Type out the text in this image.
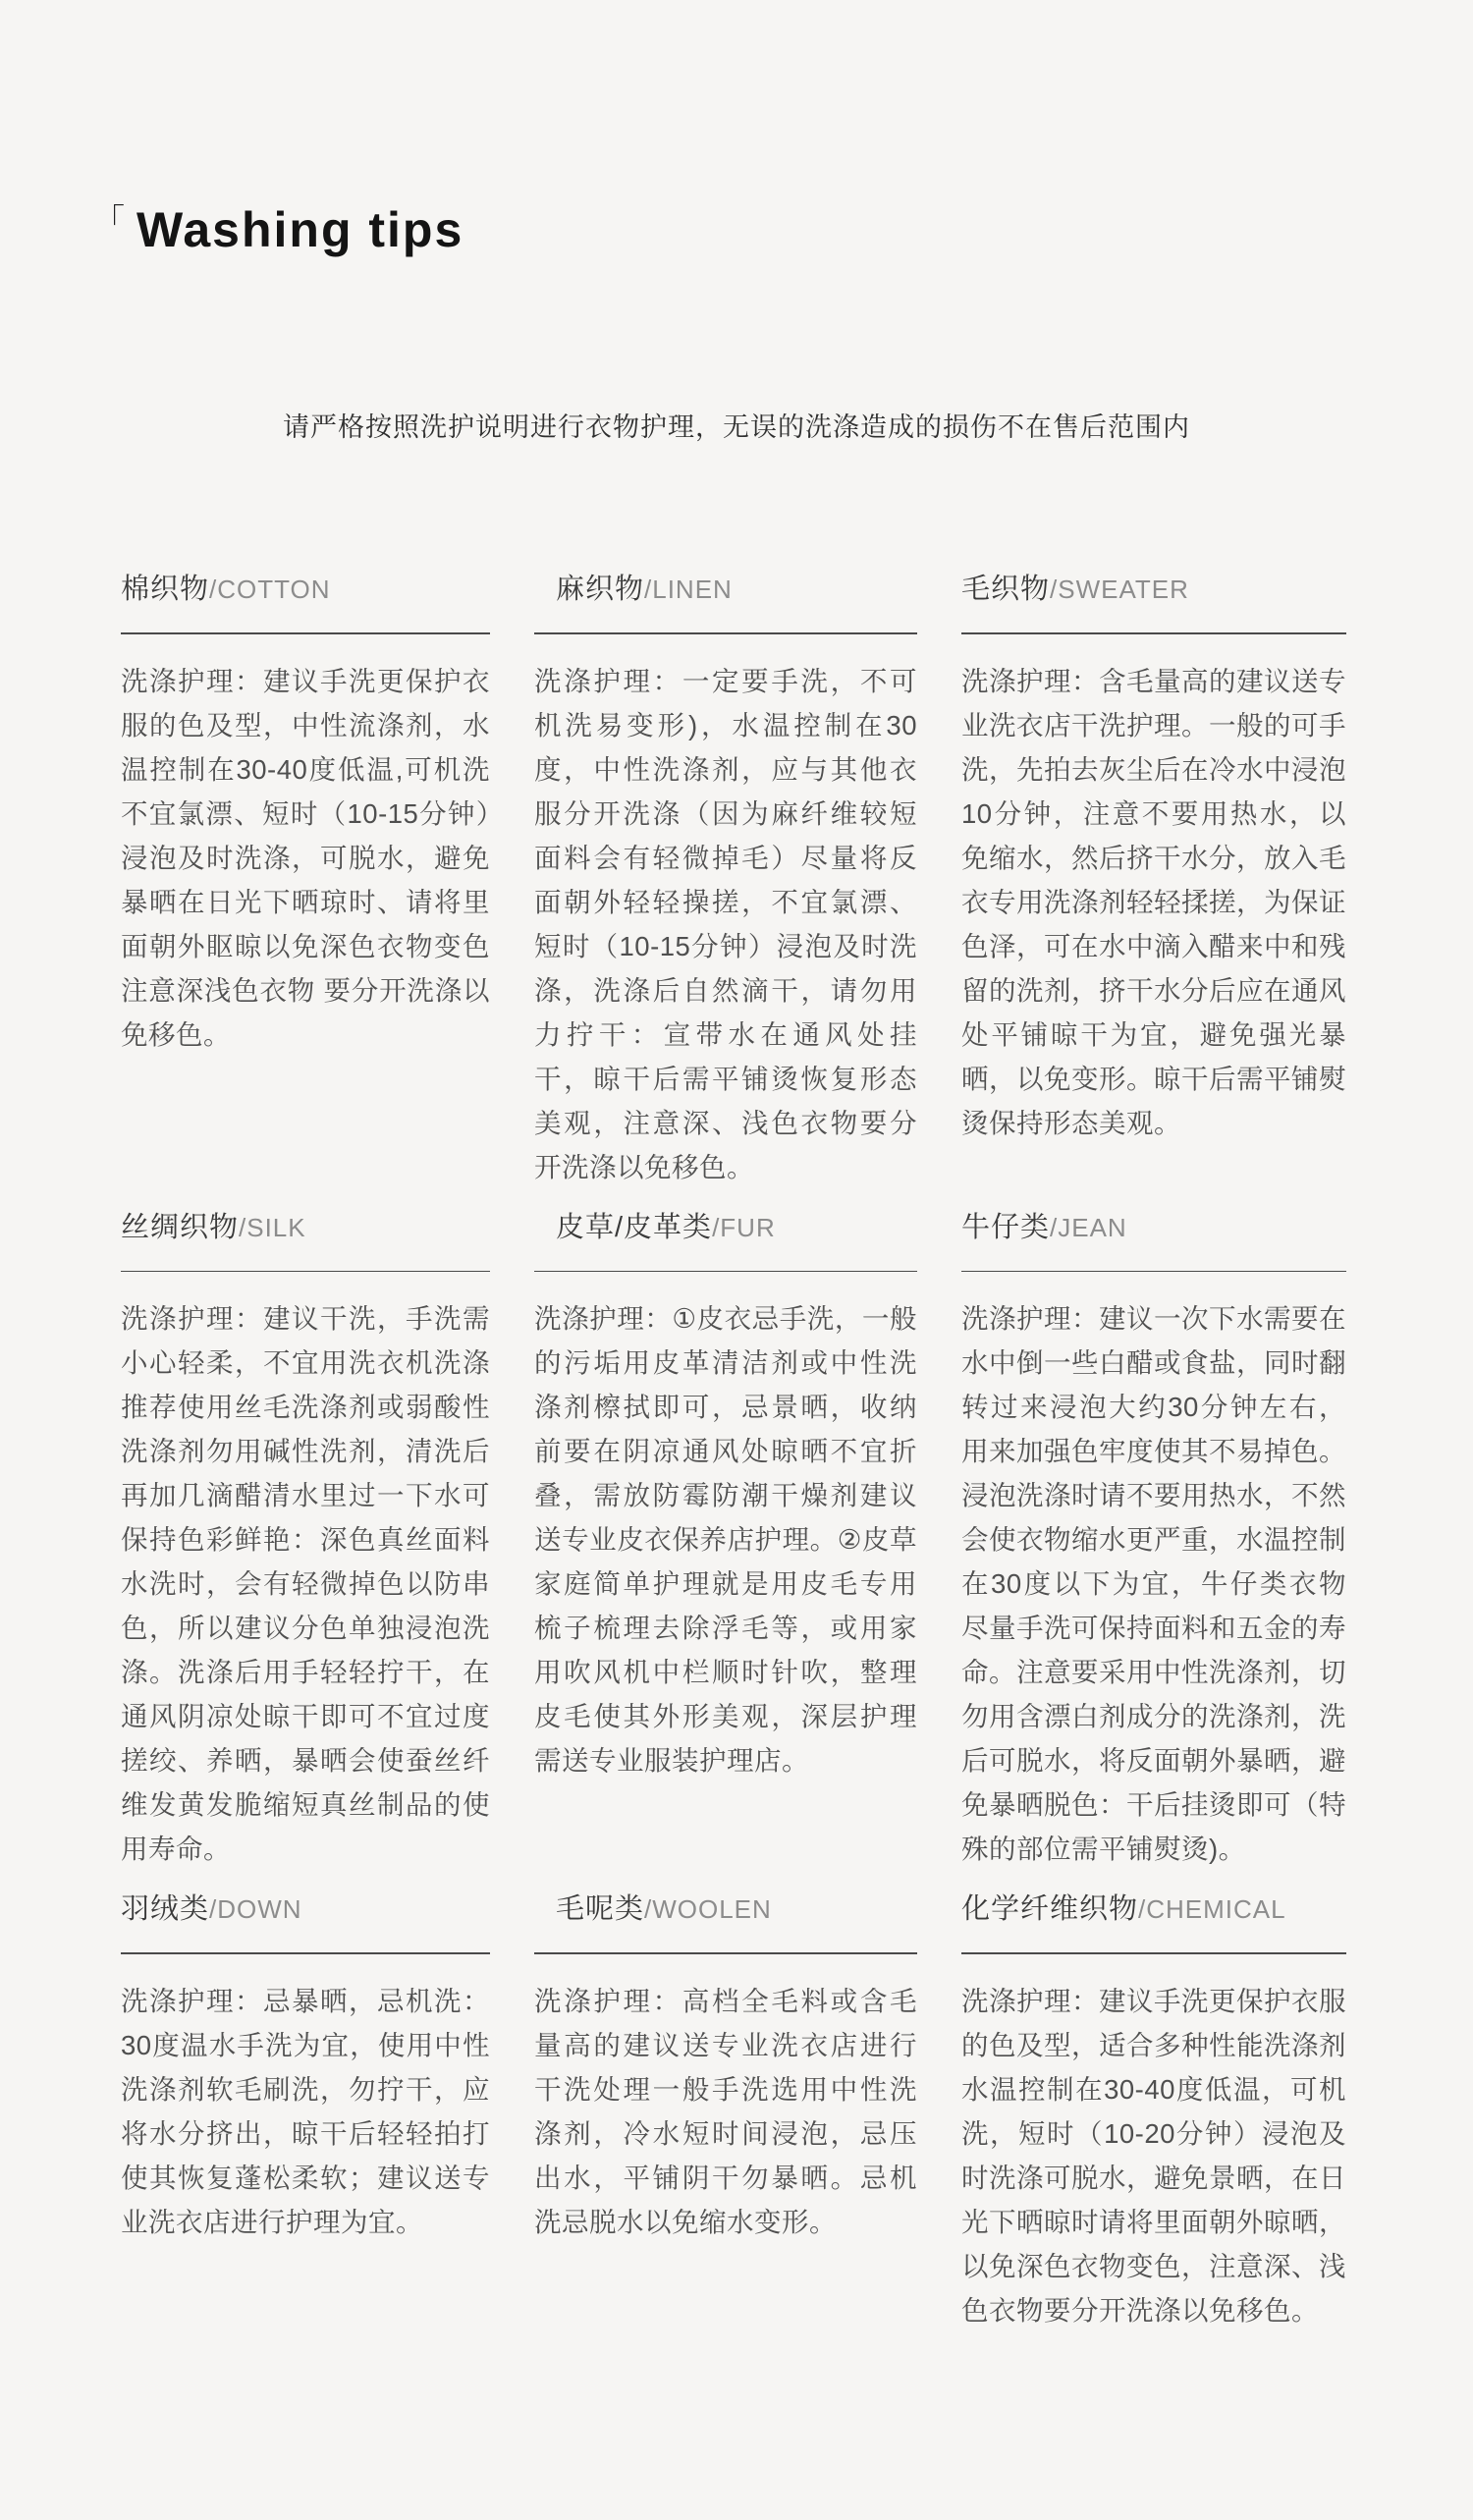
「 Washing tips

请严格按照洗护说明进行衣物护理，无误的洗涤造成的损伤不在售后范围内

棉织物 /COTTON

洗涤护理：建议手洗更保护衣服的色及型，中性流涤剂，水温控制在30-40度低温,可机洗不宜氯漂、短时（10-15分钟）浸泡及时洗涤，可脱水，避免暴晒在日光下晒琼时、请将里面朝外眍晾以免深色衣物变色注意深浅色衣物 要分开洗涤以免移色。

麻织物 /LINEN

洗涤护理：一定要手洗，不可机洗易变形)，水温控制在30度，中性洗涤剂，应与其他衣服分开洗涤（因为麻纤维较短面料会有轻微掉毛）尽量将反面朝外轻轻操搓，不宜氯漂、短时（10-15分钟）浸泡及时洗涤，洗涤后自然滴干，请勿用力拧干：宣带水在通风处挂干，晾干后需平铺烫恢复形态美观，注意深、浅色衣物要分开洗涤以免移色。

毛织物 /SWEATER

洗涤护理：含毛量高的建议送专业洗衣店干洗护理。一般的可手洗，先拍去灰尘后在冷水中浸泡10分钟，注意不要用热水，以免缩水，然后挤干水分，放入毛衣专用洗涤剂轻轻揉搓，为保证色泽，可在水中滴入醋来中和残留的洗剂，挤干水分后应在通风处平铺晾干为宜，避免强光暴晒，以免变形。晾干后需平铺熨烫保持形态美观。

丝绸织物 /SILK

洗涤护理：建议干洗，手洗需小心轻柔，不宜用洗衣机洗涤推荐使用丝毛洗涤剂或弱酸性洗涤剂勿用碱性洗剂，清洗后再加几滴醋清水里过一下水可保持色彩鲜艳：深色真丝面料水洗时，会有轻微掉色以防串色，所以建议分色单独浸泡洗涤。洗涤后用手轻轻拧干，在通风阴凉处晾干即可不宜过度搓绞、养晒，暴晒会使蚕丝纤维发黄发脆缩短真丝制品的使用寿命。

皮草/皮革类 /FUR

洗涤护理：①皮衣忌手洗，一般的污垢用皮革清洁剂或中性洗涤剂檫拭即可，忌景晒，收纳前要在阴凉通风处晾晒不宜折叠，需放防霉防潮干燥剂建议送专业皮衣保养店护理。②皮草家庭简单护理就是用皮毛专用梳子梳理去除浮毛等，或用家用吹风机中栏顺时针吹，整理皮毛使其外形美观，深层护理需送专业服装护理店。

牛仔类 /JEAN

洗涤护理：建议一次下水需要在水中倒一些白醋或食盐，同时翻转过来浸泡大约30分钟左右，用来加强色牢度使其不易掉色。浸泡洗涤时请不要用热水，不然会使衣物缩水更严重，水温控制在30度以下为宜，牛仔类衣物尽量手洗可保持面料和五金的寿命。注意要采用中性洗涤剂，切勿用含漂白剂成分的洗涤剂，洗后可脱水，将反面朝外暴晒，避免暴晒脱色：干后挂烫即可（特殊的部位需平铺熨烫)。

羽绒类 /DOWN

洗涤护理：忌暴晒，忌机洗：30度温水手洗为宜，使用中性洗涤剂软毛刷洗，勿拧干，应将水分挤出，晾干后轻轻拍打使其恢复蓬松柔软；建议送专业洗衣店进行护理为宜。

毛呢类 /WOOLEN

洗涤护理：高档全毛料或含毛量高的建议送专业洗衣店进行干洗处理一般手洗选用中性洗涤剂，冷水短时间浸泡，忌压出水，平铺阴干勿暴晒。忌机洗忌脱水以免缩水变形。

化学纤维织物 /CHEMICAL

洗涤护理：建议手洗更保护衣服的色及型，适合多种性能洗涤剂水温控制在30-40度低温，可机洗，短时（10-20分钟）浸泡及时洗涤可脱水，避免景晒，在日光下晒晾时请将里面朝外晾晒，以免深色衣物变色，注意深、浅色衣物要分开洗涤以免移色。
